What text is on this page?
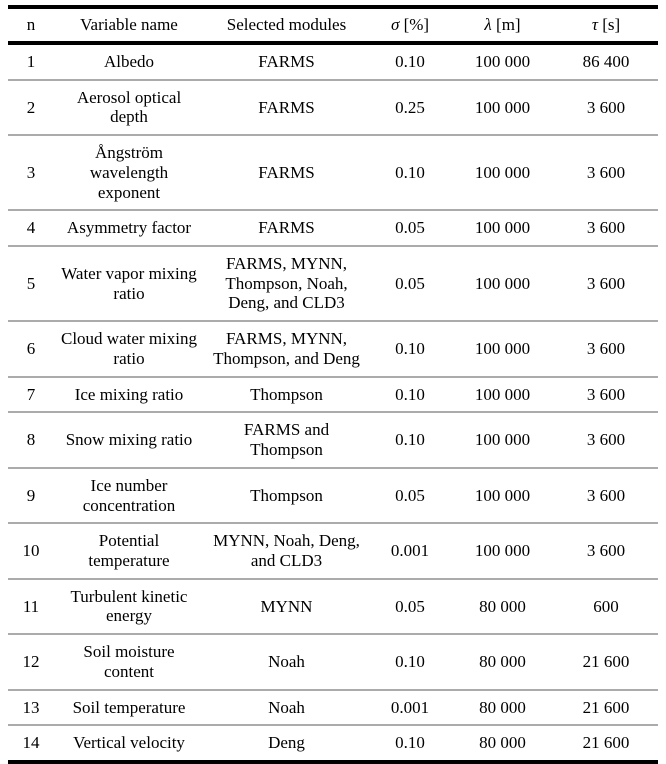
n	Variable name	Selected modules	σ [%]	λ [m]	τ [s]
1	Albedo	FARMS	0.10	100 000	86 400
2	Aerosol optical depth	FARMS	0.25	100 000	3 600
3	Ångström wavelength exponent	FARMS	0.10	100 000	3 600
4	Asymmetry factor	FARMS	0.05	100 000	3 600
5	Water vapor mixing ratio	FARMS, MYNN, Thompson, Noah, Deng, and CLD3	0.05	100 000	3 600
6	Cloud water mixing ratio	FARMS, MYNN, Thompson, and Deng	0.10	100 000	3 600
7	Ice mixing ratio	Thompson	0.10	100 000	3 600
8	Snow mixing ratio	FARMS and Thompson	0.10	100 000	3 600
9	Ice number concentration	Thompson	0.05	100 000	3 600
10	Potential temperature	MYNN, Noah, Deng, and CLD3	0.001	100 000	3 600
11	Turbulent kinetic energy	MYNN	0.05	80 000	600
12	Soil moisture content	Noah	0.10	80 000	21 600
13	Soil temperature	Noah	0.001	80 000	21 600
14	Vertical velocity	Deng	0.10	80 000	21 600
